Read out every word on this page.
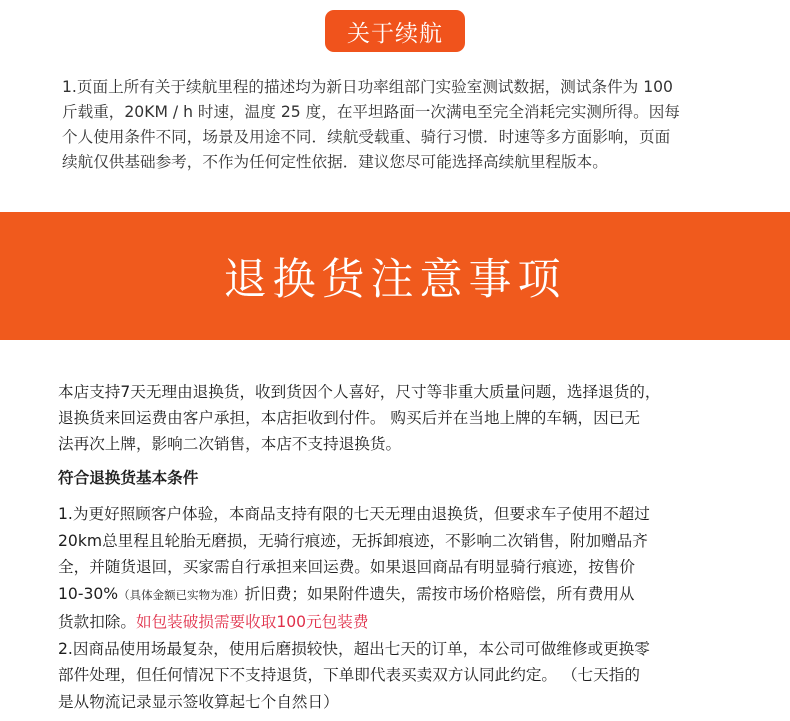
关于续航
1.页面上所有关于续航里程的描述均为新日功率组部门实验室测试数据，测试条件为 100
斤载重，20KM / h 时速，温度 25 度，在平坦路面一次满电至完全消耗完实测所得。因每
个人使用条件不同，场景及用途不同．续航受载重、骑行习惯．时速等多方面影响，页面
续航仅供基础参考，不作为任何定性依据．建议您尽可能选择高续航里程版本。
退换货注意事项
本店支持7天无理由退换货，收到货因个人喜好，尺寸等非重大质量问题，选择退货的，
退换货来回运费由客户承担，本店拒收到付件。 购买后并在当地上牌的车辆，因已无
法再次上牌，影响二次销售，本店不支持退换货。
符合退换货基本条件
1.为更好照顾客户体验，本商品支持有限的七天无理由退换货，但要求车子使用不超过
20km总里程且轮胎无磨损，无骑行痕迹，无拆卸痕迹，不影响二次销售，附加赠品齐
全，并随货退回，买家需自行承担来回运费。如果退回商品有明显骑行痕迹，按售价
10-30%（具体金额已实物为准）折旧费；如果附件遗失，需按市场价格赔偿，所有费用从
货款扣除。如包装破损需要收取100元包装费
2.因商品使用场最复杂，使用后磨损较快，超出七天的订单，本公司可做维修或更换零
部件处理，但任何情况下不支持退货，下单即代表买卖双方认同此约定。 （七天指的
是从物流记录显示签收算起七个自然日）
